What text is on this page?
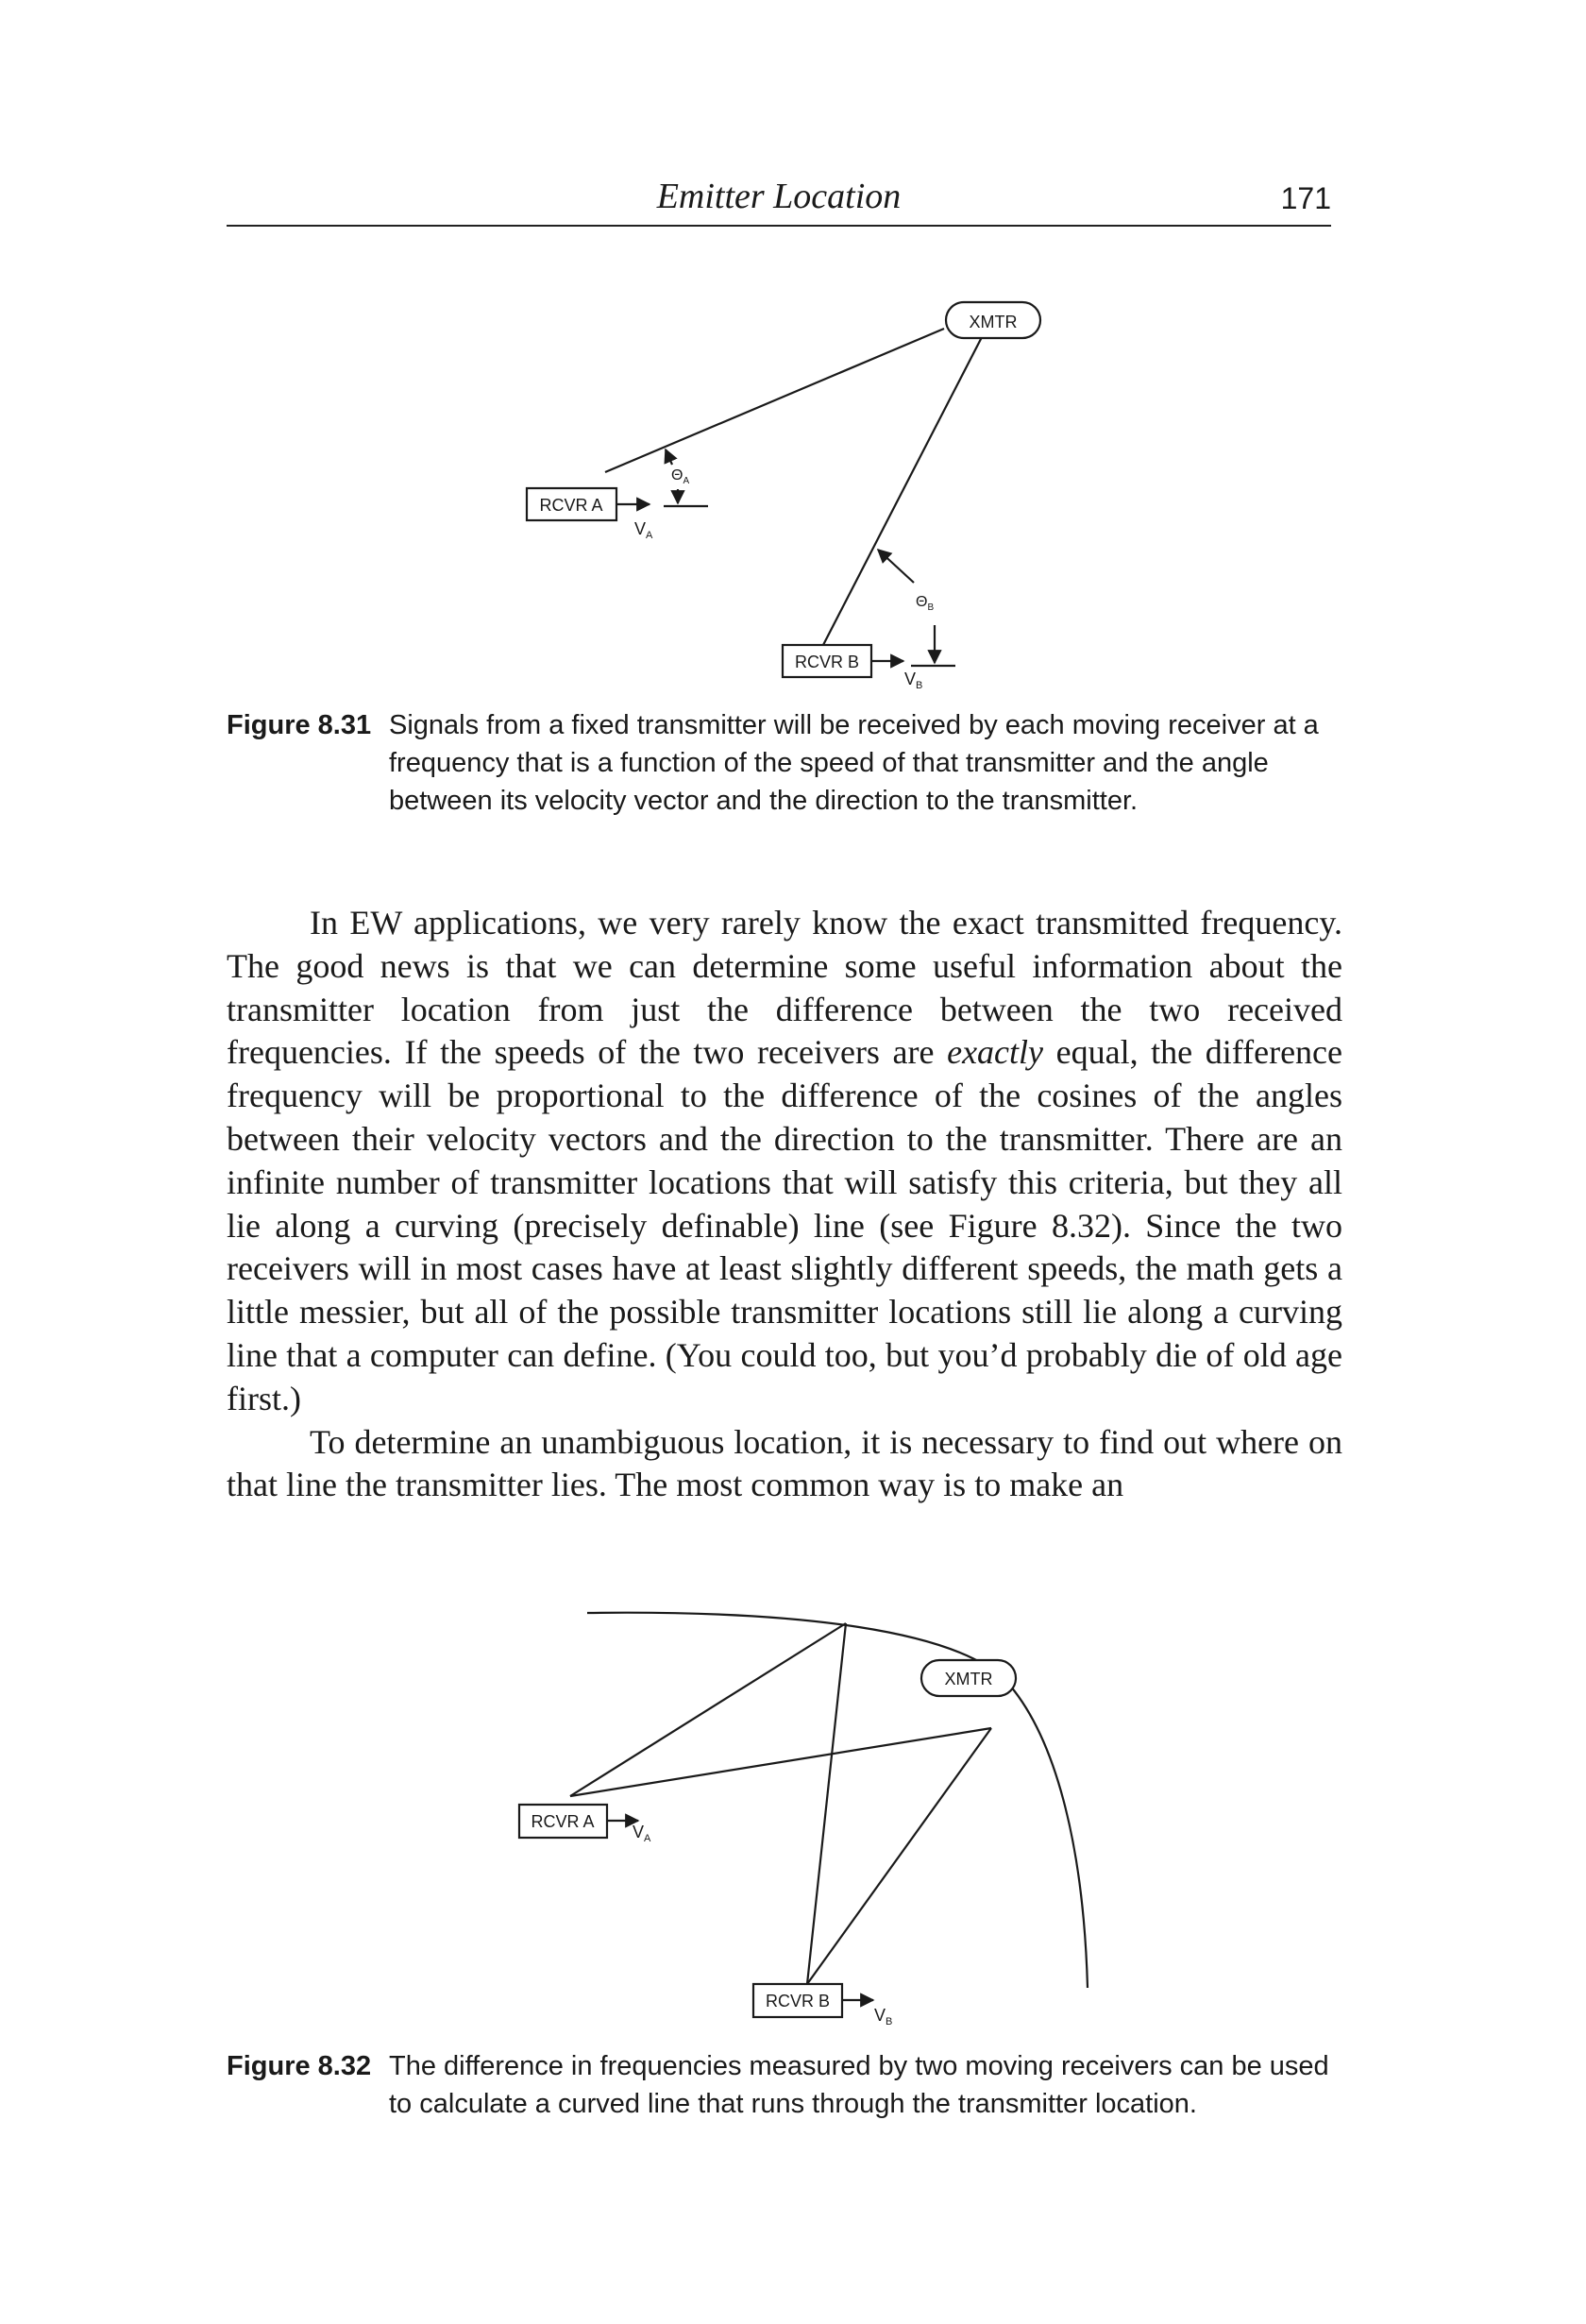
Emitter Location	171
XMTR
RCVR A
$V_A$
$\Theta_A$
RCVR B
$V_B$
$\Theta_B$
Figure 8.31 Signals from a fixed transmitter will be received by each moving receiver at a frequency that is a function of the speed of that transmitter and the angle between its velocity vector and the direction to the transmitter.

In EW applications, we very rarely know the exact transmitted frequency. The good news is that we can determine some useful information about the transmitter location from just the difference between the two received frequencies. If the speeds of the two receivers are exactly equal, the difference frequency will be proportional to the difference of the cosines of the angles between their velocity vectors and the direction to the transmitter. There are an infinite number of transmitter locations that will satisfy this criteria, but they all lie along a curving (precisely definable) line (see Figure 8.32). Since the two receivers will in most cases have at least slightly different speeds, the math gets a little messier, but all of the possible transmitter locations still lie along a curving line that a computer can define. (You could too, but you’d probably die of old age first.)

To determine an unambiguous location, it is necessary to find out where on that line the transmitter lies. The most common way is to make an

XMTR
RCVR A
$V_A$
RCVR B
$V_B$
Figure 8.32 The difference in frequencies measured by two moving receivers can be used to calculate a curved line that runs through the transmitter location.
